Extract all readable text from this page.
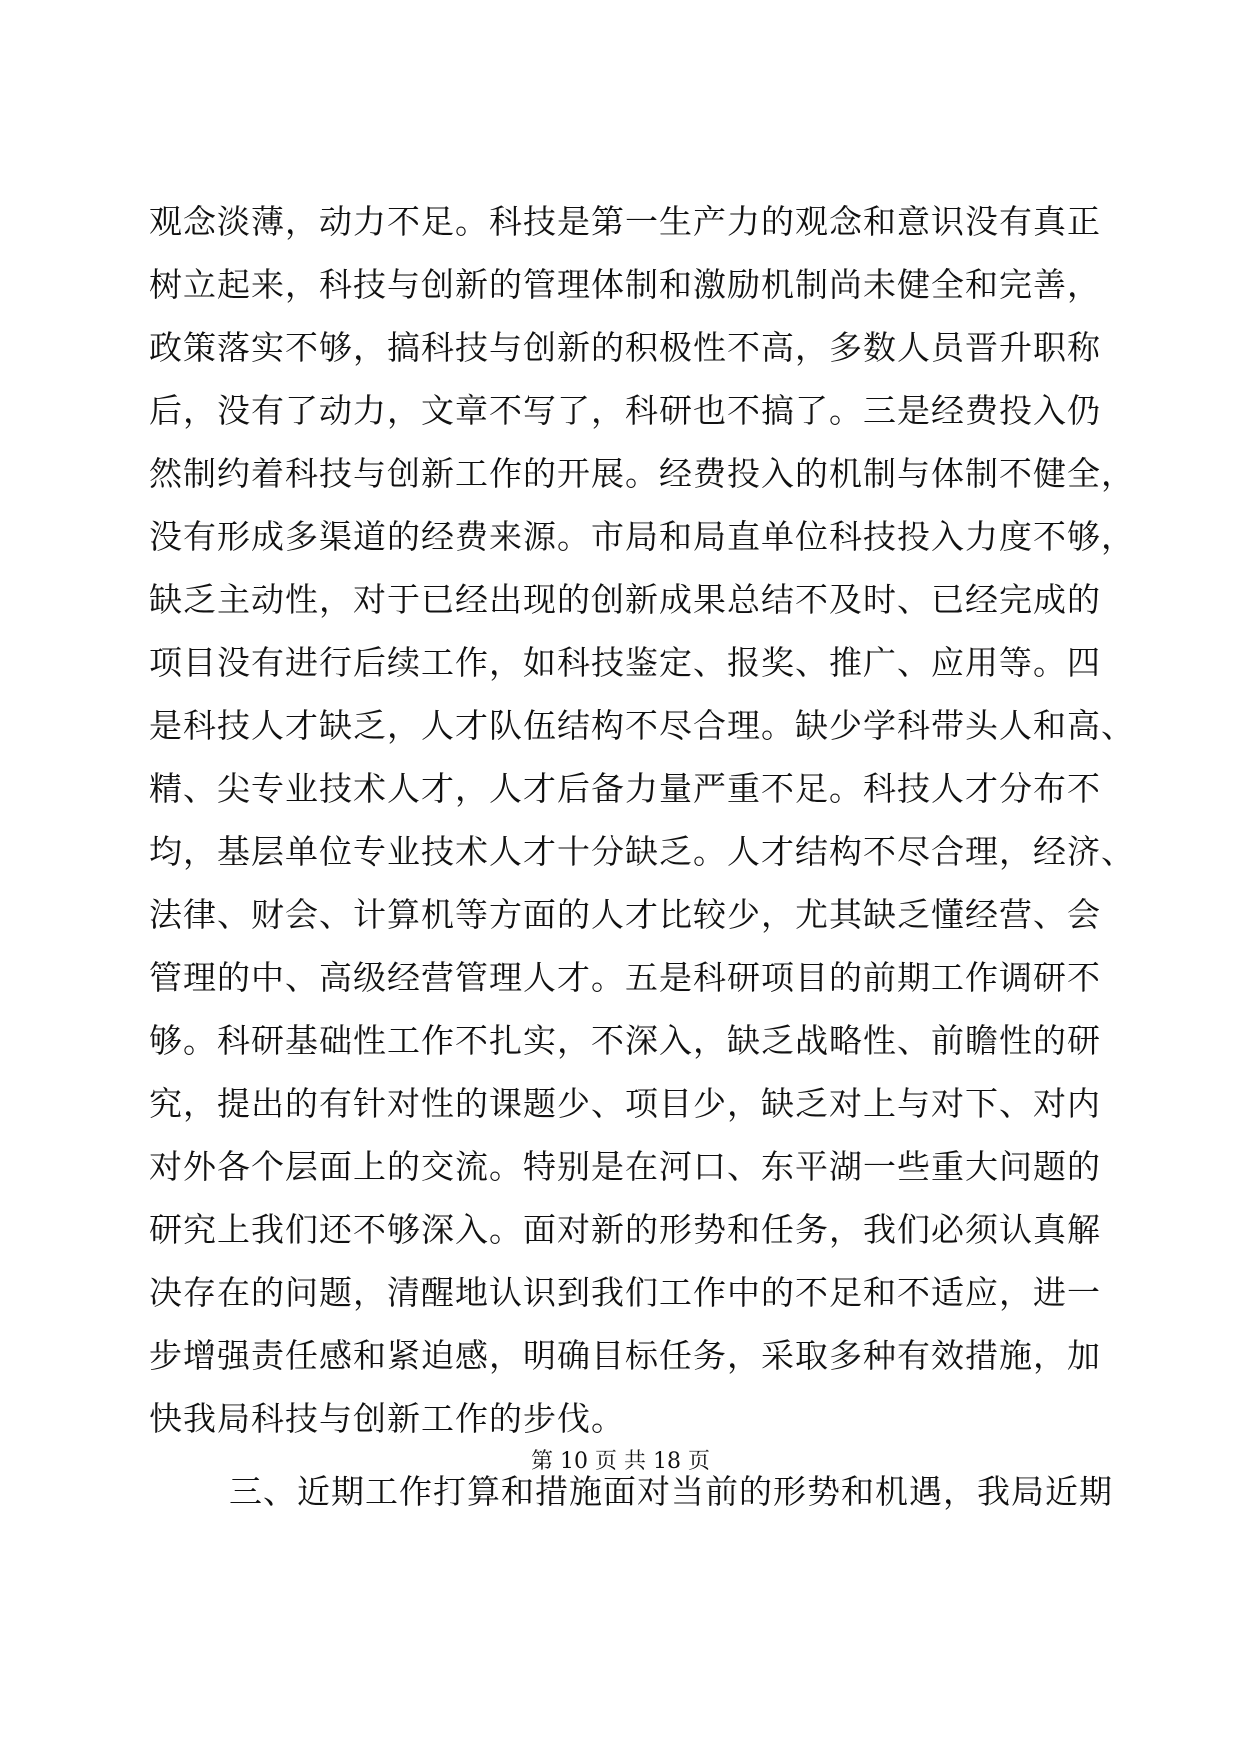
观念淡薄，动力不足。科技是第一生产力的观念和意识没有真正
树立起来，科技与创新的管理体制和激励机制尚未健全和完善，
政策落实不够，搞科技与创新的积极性不高，多数人员晋升职称
后，没有了动力，文章不写了，科研也不搞了。三是经费投入仍
然制约着科技与创新工作的开展。经费投入的机制与体制不健全，
没有形成多渠道的经费来源。市局和局直单位科技投入力度不够，
缺乏主动性，对于已经出现的创新成果总结不及时、已经完成的
项目没有进行后续工作，如科技鉴定、报奖、推广、应用等。四
是科技人才缺乏，人才队伍结构不尽合理。缺少学科带头人和高、
精、尖专业技术人才，人才后备力量严重不足。科技人才分布不
均，基层单位专业技术人才十分缺乏。人才结构不尽合理，经济、
法律、财会、计算机等方面的人才比较少，尤其缺乏懂经营、会
管理的中、高级经营管理人才。五是科研项目的前期工作调研不
够。科研基础性工作不扎实，不深入，缺乏战略性、前瞻性的研
究，提出的有针对性的课题少、项目少，缺乏对上与对下、对内
对外各个层面上的交流。特别是在河口、东平湖一些重大问题的
研究上我们还不够深入。面对新的形势和任务，我们必须认真解
决存在的问题，清醒地认识到我们工作中的不足和不适应，进一
步增强责任感和紧迫感，明确目标任务，采取多种有效措施，加
快我局科技与创新工作的步伐。
三、近期工作打算和措施面对当前的形势和机遇，我局近期
第 10 页 共 18 页
